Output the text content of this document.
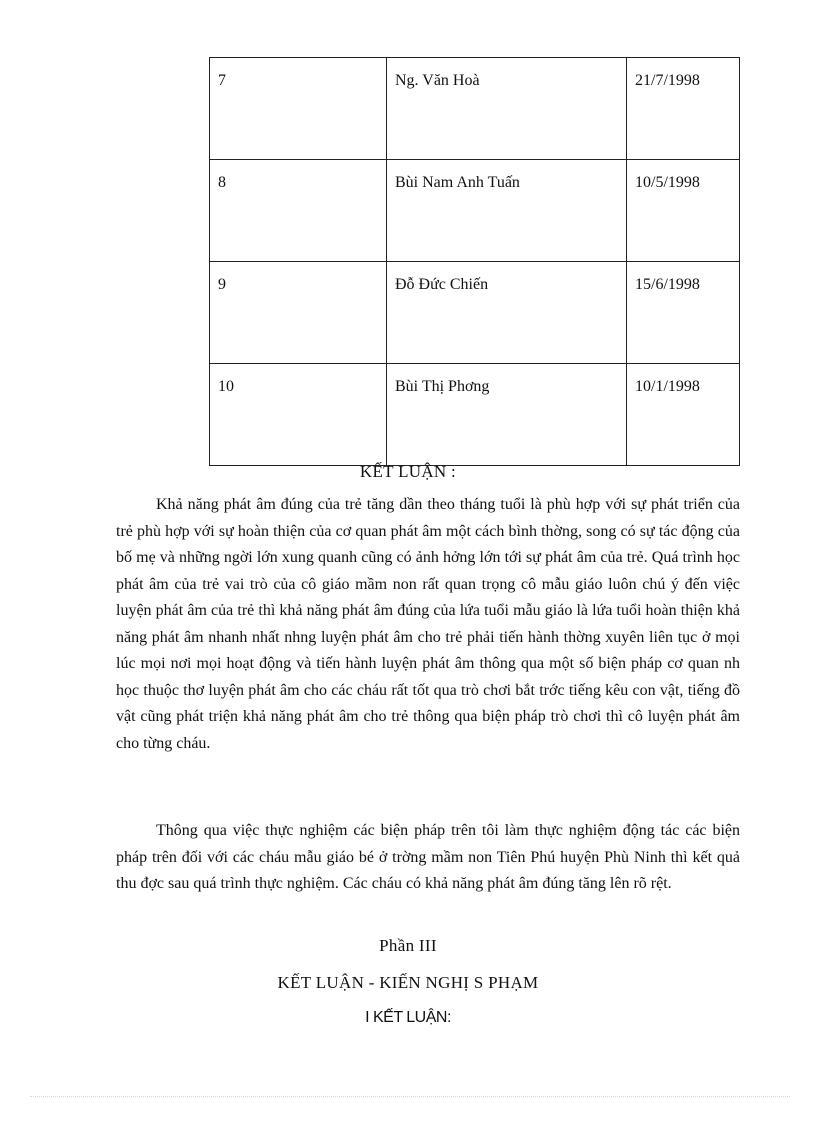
7	Ng. Văn Hoà	21/7/1998
8	Bùi Nam Anh Tuấn	10/5/1998
9	Đỗ Đức Chiến	15/6/1998
10	Bùi Thị Phơng	10/1/1998
KẾT LUẬN :

Khả năng phát âm đúng của trẻ tăng dần theo tháng tuổi là phù hợp với sự phát triển của trẻ phù hợp với sự hoàn thiện của cơ quan phát âm một cách bình thờng, song có sự tác động của bố mẹ và những ngời lớn xung quanh cũng có ảnh hởng lớn tới sự phát âm của trẻ. Quá trình học phát âm của trẻ vai trò của cô giáo mầm non rất quan trọng cô mẫu giáo luôn chú ý đến việc luyện phát âm của trẻ thì khả năng phát âm đúng của lứa tuổi mẫu giáo là lứa tuổi hoàn thiện khả năng phát âm nhanh nhất nhng luyện phát âm cho trẻ phải tiến hành thờng xuyên liên tục ở mọi lúc mọi nơi mọi hoạt động và tiến hành luyện phát âm thông qua một số biện pháp cơ quan nh học thuộc thơ luyện phát âm cho các cháu rất tốt qua trò chơi bắt trớc tiếng kêu con vật, tiếng đồ vật cũng phát triện khả năng phát âm cho trẻ thông qua biện pháp trò chơi thì cô luyện phát âm cho từng cháu.

Thông qua việc thực nghiệm các biện pháp trên tôi làm thực nghiệm động tác các biện pháp trên đối với các cháu mẫu giáo bé ở trờng mầm non Tiên Phú huyện Phù Ninh thì kết quả thu đợc sau quá trình thực nghiệm. Các cháu có khả năng phát âm đúng tăng lên rõ rệt.

Phần III
KẾT LUẬN - KIẾN NGHỊ S PHẠM
I KẾT LUẬN:
